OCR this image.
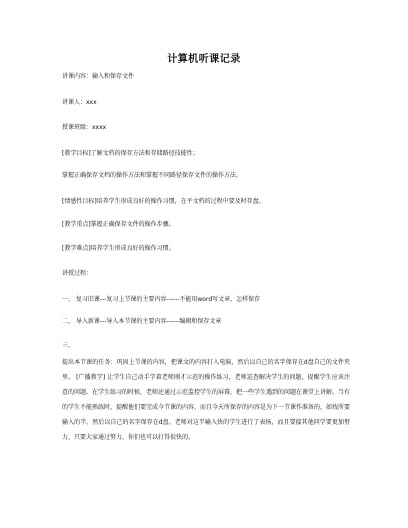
计算机听课记录
讲课内容：输入和保存文件
讲课人：xxx
授课班级：xxxx
[教学目标]了解文档的保存方法和存储路径技能性；
掌握正确保存文档的操作方法和掌握不同路径保存文件的操作方法。
[情感性目标]培养学生形成良好的操作习惯，在平文档的过程中要及时存盘。
[教学重点]掌握正确保存文件的操作步骤。
[教学难点]培养学生形成良好的操作习惯。
讲授过程：
一、 复习旧课---复习上节课的主要内容------不能用word写文章，怎样保存
二、 导入新课---导入本节课的主要内容------编辑和保存文章
三、
提出本节课的任务：巩固上节课的内容，把课文的内容打入电脑，然后以自己的名字保存在d盘自己的文件夹里。 [广播教学] 让学生自己动手学着老师刚才示范的操作练习，老师巡查解决学生的问题，提醒学生应该注意的问题。在学生练习的时候，老师还通过示范监控学生的屏幕，把一些学生遇到的问题在课堂上讲解。当有的学生不能熟练时，提醒他们要完成今节课的内容，而且今天所保存的内容是为下一节课作准备的，如找所要输入的半，然后以自己的名字保存在d盘。老师对这半输入快的学生进行了表扬，而且要接其他同学要更加努力，只要大家通过努力，你们也可以打得很快的。
